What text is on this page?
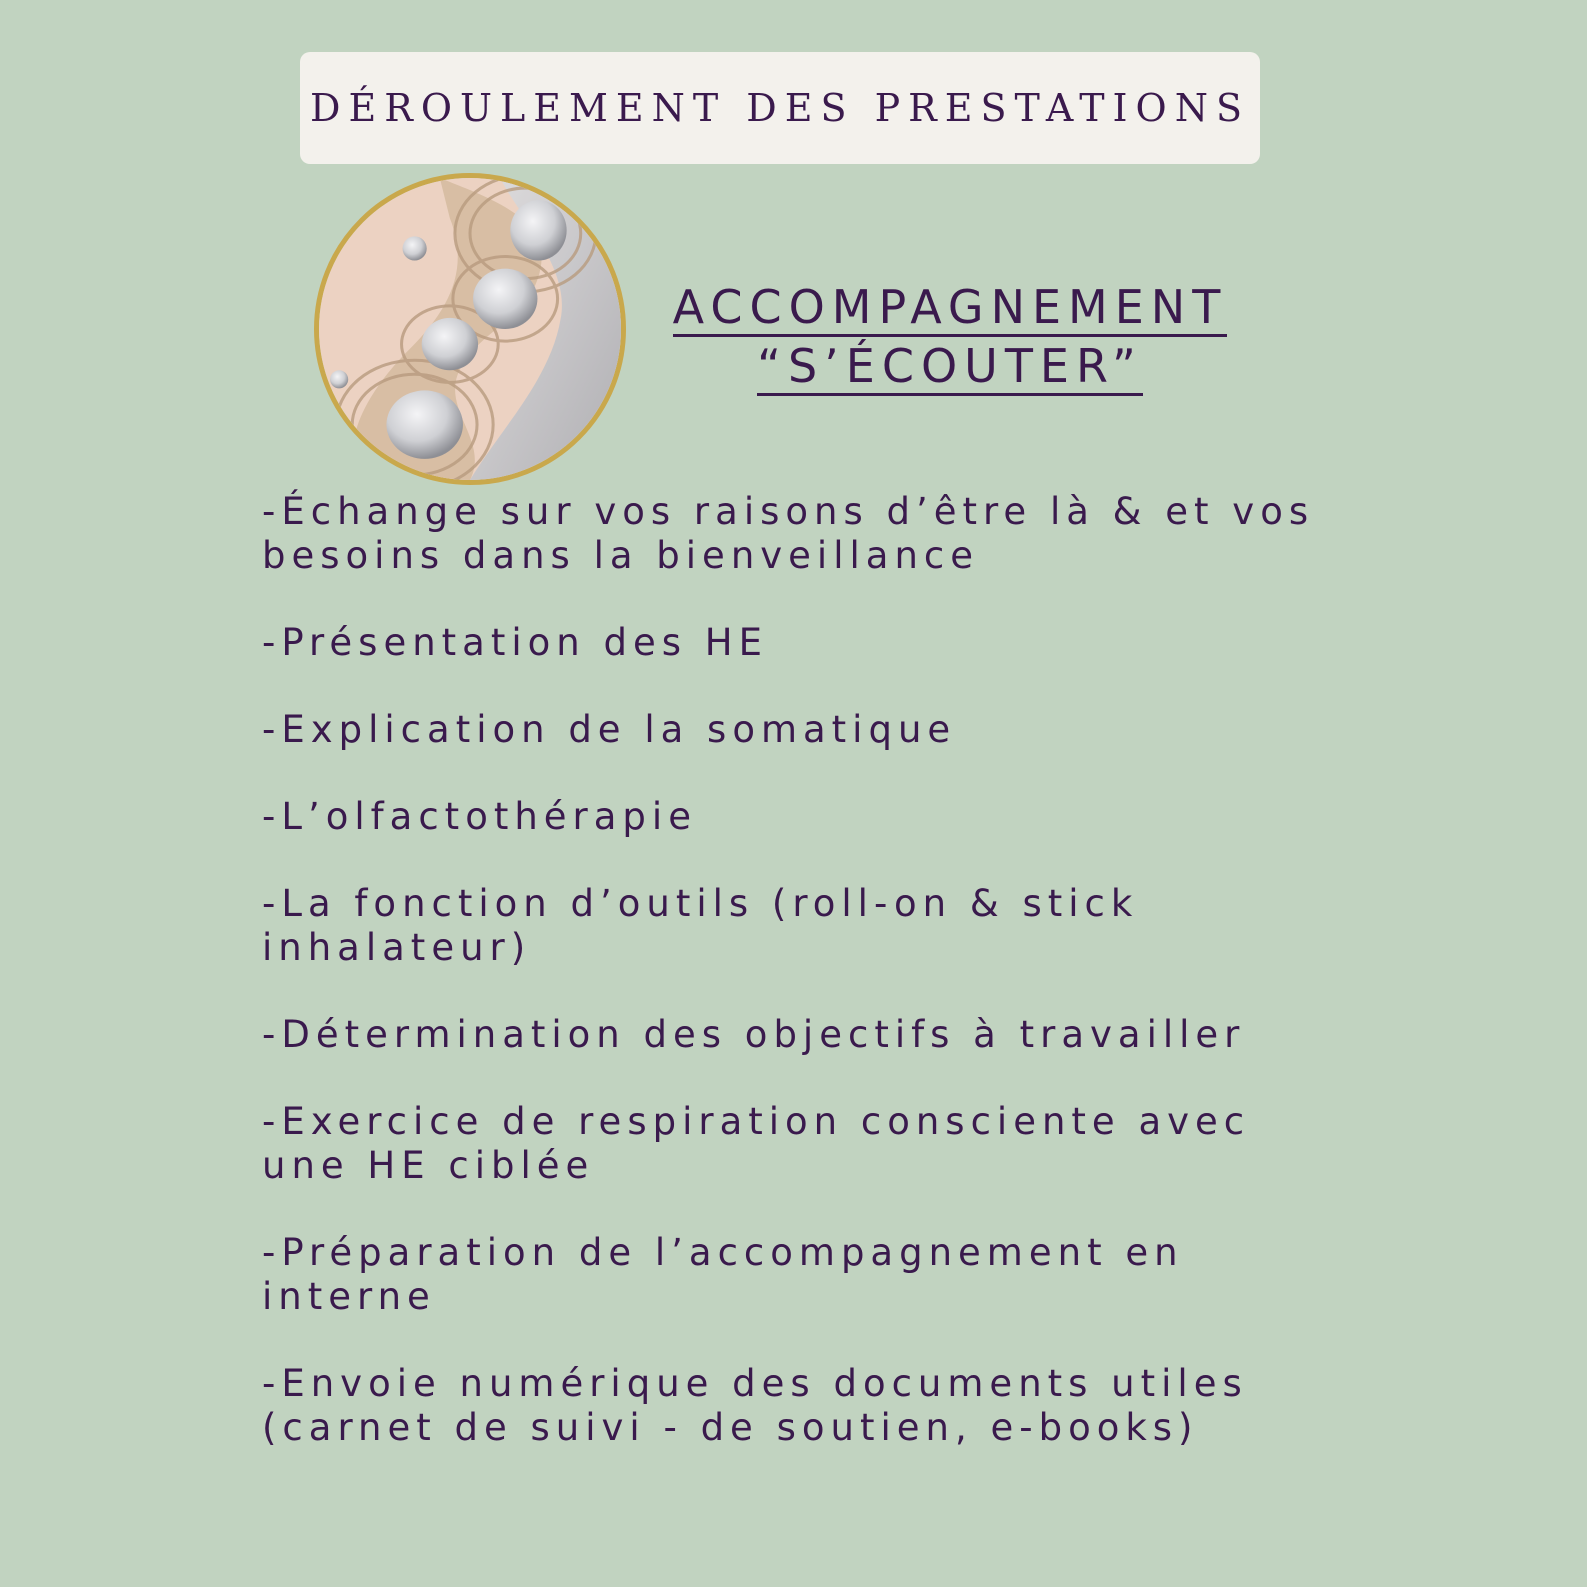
DÉROULEMENT DES PRESTATIONS
ACCOMPAGNEMENT
“S’ÉCOUTER”
-Échange sur vos raisons d’être là & et vos besoins dans la bienveillance
-Présentation des HE
-Explication de la somatique
-L’olfactothérapie
-La fonction d’outils (roll-on & stick inhalateur)
-Détermination des objectifs à travailler
-Exercice de respiration consciente avec une HE ciblée
-Préparation de l’accompagnement en interne
-Envoie numérique des documents utiles (carnet de suivi - de soutien, e-books)
